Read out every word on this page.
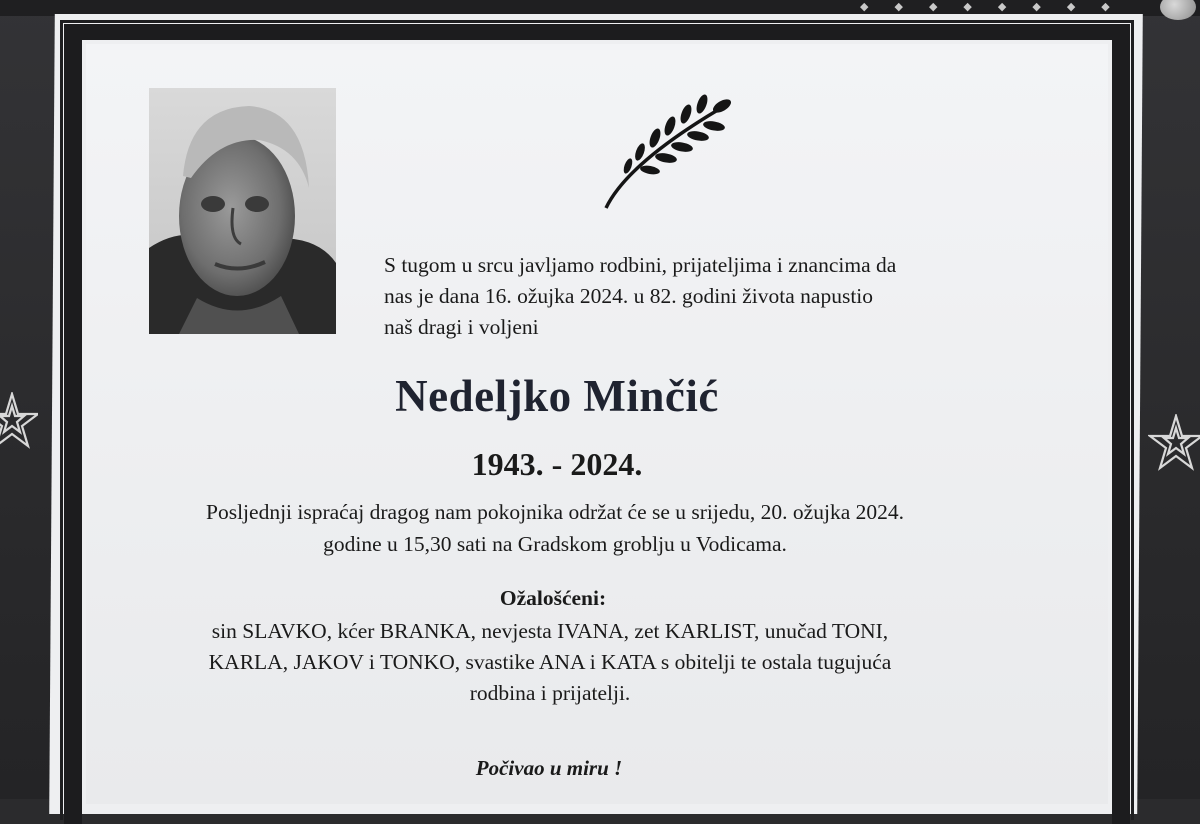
◆ ◆ ◆ ◆ ◆ ◆ ◆ ◆
S tugom u srcu javljamo rodbini, prijateljima i znancima da
nas je dana 16. ožujka 2024. u 82. godini života napustio
naš dragi i voljeni
Nedeljko Minčić
1943. - 2024.
Posljednji ispraćaj dragog nam pokojnika održat će se u srijedu, 20. ožujka 2024.
godine u 15,30 sati na Gradskom groblju u Vodicama.
Ožalošćeni:
sin SLAVKO, kćer BRANKA, nevjesta IVANA, zet KARLIST, unučad TONI,
KARLA, JAKOV i TONKO, svastike ANA i KATA s obitelji te ostala tugujuća
rodbina i prijatelji.
Počivao u miru !
